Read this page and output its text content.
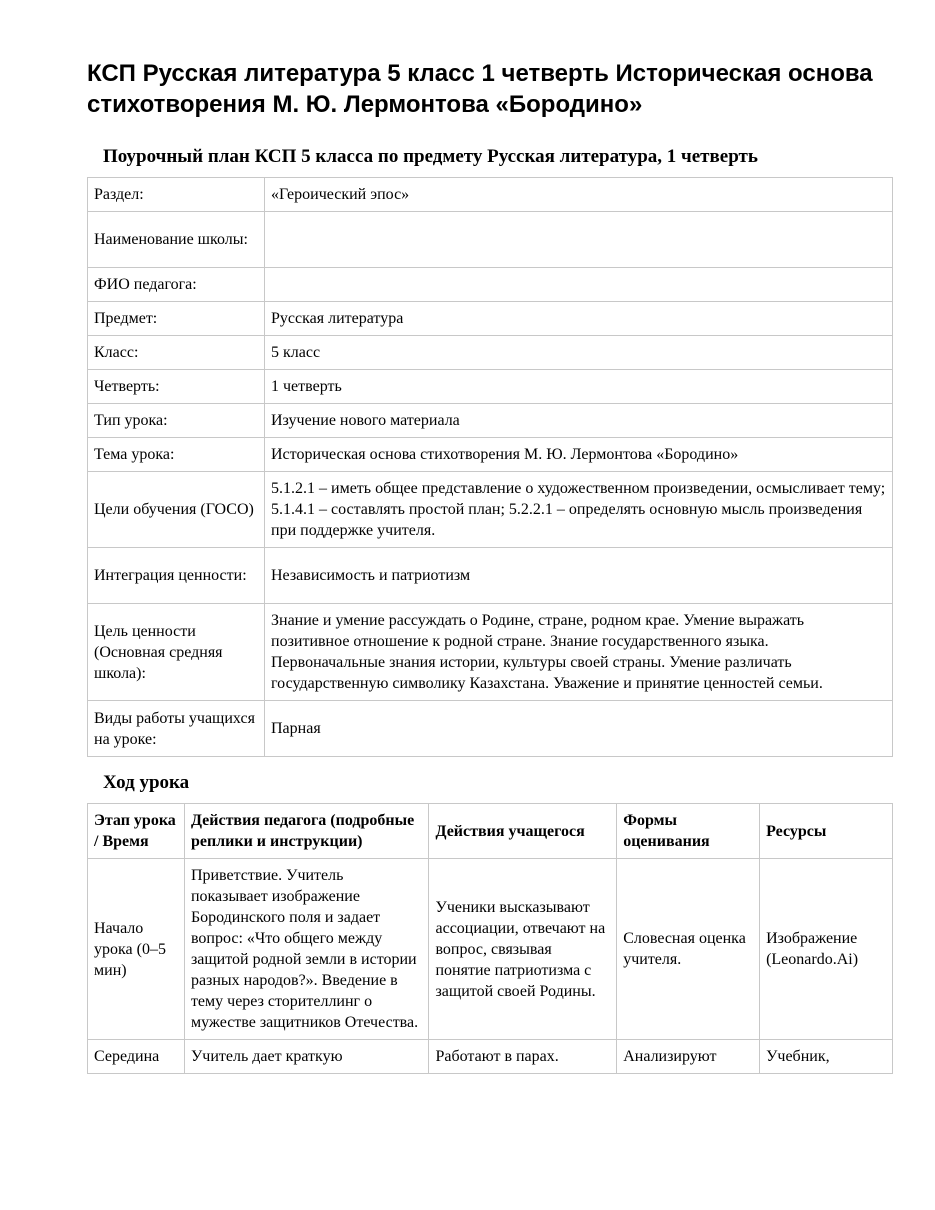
КСП Русская литература 5 класс 1 четверть Историческая основа стихотворения М. Ю. Лермонтова «Бородино»
Поурочный план КСП 5 класса по предмету Русская литература, 1 четверть
Раздел:	«Героический эпос»
Наименование школы:	
ФИО педагога:	
Предмет:	Русская литература
Класс:	5 класс
Четверть:	1 четверть
Тип урока:	Изучение нового материала
Тема урока:	Историческая основа стихотворения М. Ю. Лермонтова «Бородино»
Цели обучения (ГОСО)	5.1.2.1 – иметь общее представление о художественном произведении, осмысливает тему; 5.1.4.1 – составлять простой план; 5.2.2.1 – определять основную мысль произведения при поддержке учителя.
Интеграция ценности:	Независимость и патриотизм
Цель ценности (Основная средняя школа):	Знание и умение рассуждать о Родине, стране, родном крае. Умение выражать позитивное отношение к родной стране. Знание государственного языка. Первоначальные знания истории, культуры своей страны. Умение различать государственную символику Казахстана. Уважение и принятие ценностей семьи.
Виды работы учащихся на уроке:	Парная
Ход урока
Этап урока / Время	Действия педагога (подробные реплики и инструкции)	Действия учащегося	Формы оценивания	Ресурсы
Начало урока (0–5 мин)	Приветствие. Учитель показывает изображение Бородинского поля и задает вопрос: «Что общего между защитой родной земли в истории разных народов?». Введение в тему через сторителлинг о мужестве защитников Отечества.	Ученики высказывают ассоциации, отвечают на вопрос, связывая понятие патриотизма с защитой своей Родины.	Словесная оценка учителя.	Изображение (Leonardo.Ai)
Середина	Учитель дает краткую	Работают в парах.	Анализируют	Учебник,
